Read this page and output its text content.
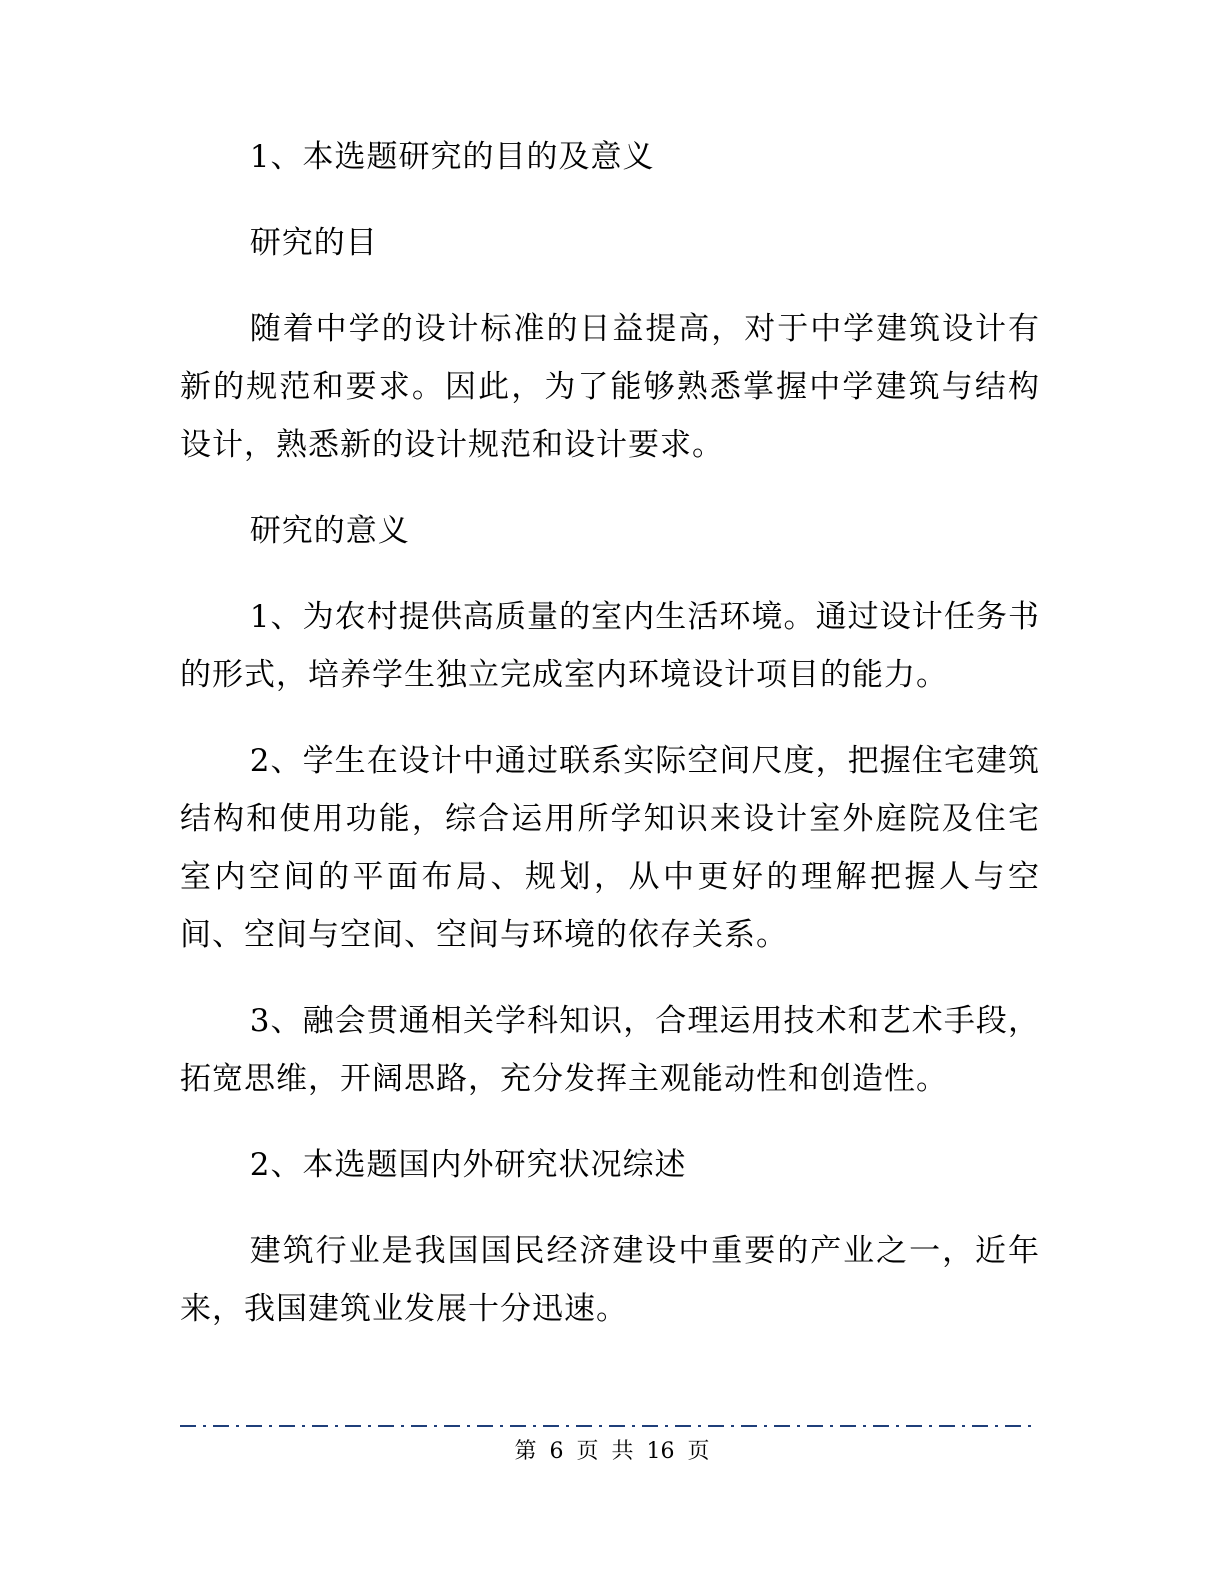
1、本选题研究的目的及意义

研究的目

随着中学的设计标准的日益提高，对于中学建筑设计有新的规范和要求。因此，为了能够熟悉掌握中学建筑与结构设计，熟悉新的设计规范和设计要求。

研究的意义

1、为农村提供高质量的室内生活环境。通过设计任务书的形式，培养学生独立完成室内环境设计项目的能力。

2、学生在设计中通过联系实际空间尺度，把握住宅建筑结构和使用功能，综合运用所学知识来设计室外庭院及住宅室内空间的平面布局、规划，从中更好的理解把握人与空间、空间与空间、空间与环境的依存关系。

3、融会贯通相关学科知识，合理运用技术和艺术手段，拓宽思维，开阔思路，充分发挥主观能动性和创造性。

2、本选题国内外研究状况综述

建筑行业是我国国民经济建设中重要的产业之一，近年来，我国建筑业发展十分迅速。

第 6 页 共 16 页
